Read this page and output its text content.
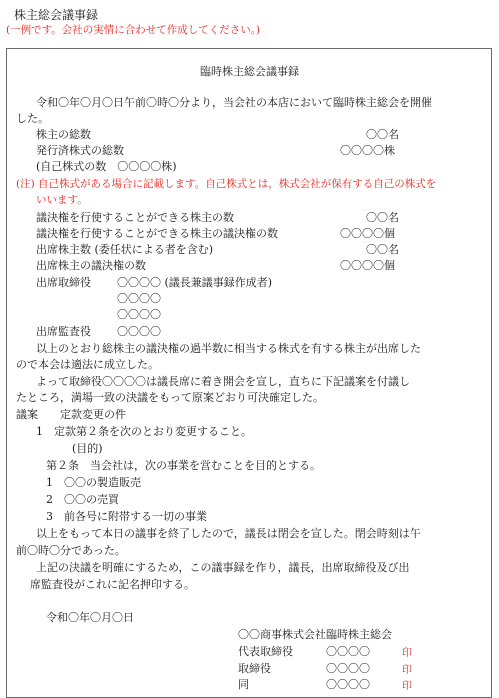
株主総会議事録
(一例です。会社の実情に合わせて作成してください。)
臨時株主総会議事録
令和〇年〇月〇日午前〇時〇分より，当会社の本店において臨時株主総会を開催
した。
株主の総数	〇〇名
発行済株式の総数	〇〇〇〇株
(自己株式の数　〇〇〇〇株)
(注) 自己株式がある場合に記載します。自己株式とは，株式会社が保有する自己の株式を
いいます。
議決権を行使することができる株主の数	〇〇名
議決権を行使することができる株主の議決権の数	〇〇〇〇個
出席株主数 (委任状による者を含む)	〇〇名
出席株主の議決権の数	〇〇〇〇個
出席取締役 〇〇〇〇 (議長兼議事録作成者)
〇〇〇〇
〇〇〇〇
出席監査役 〇〇〇〇
以上のとおり総株主の議決権の過半数に相当する株式を有する株主が出席した
ので本会は適法に成立した。
よって取締役〇〇〇〇は議長席に着き開会を宣し，直ちに下記議案を付議し
たところ，満場一致の決議をもって原案どおり可決確定した。
議案 定款変更の件
1　定款第２条を次のとおり変更すること。
(目的)
第２条　当会社は，次の事業を営むことを目的とする。
1　〇〇の製造販売
2　〇〇の売買
3　前各号に附帯する一切の事業
以上をもって本日の議事を終了したので，議長は閉会を宣した。閉会時刻は午
前〇時〇分であった。
上記の決議を明確にするため，この議事録を作り，議長，出席取締役及び出
席監査役がこれに記名押印する。
令和〇年〇月〇日
〇〇商事株式会社臨時株主総会
代表取締役	〇〇〇〇	印
取締役	〇〇〇〇	印
同	〇〇〇〇	印
